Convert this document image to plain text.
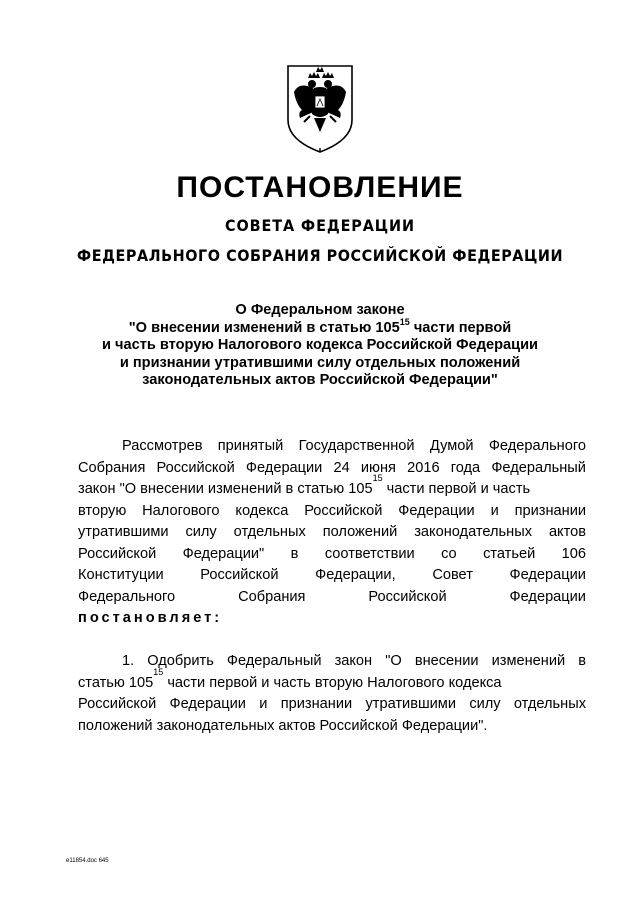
ПОСТАНОВЛЕНИЕ
СОВЕТА ФЕДЕРАЦИИ
ФЕДЕРАЛЬНОГО СОБРАНИЯ РОССИЙСКОЙ ФЕДЕРАЦИИ
О Федеральном законе
"О внесении изменений в статью $105^{15}$ части первой
и часть вторую Налогового кодекса Российской Федерации
и признании утратившими силу отдельных положений
законодательных актов Российской Федерации"
Рассмотрев принятый Государственной Думой Федерального
Собрания Российской Федерации 24 июня 2016 года Федеральный
закон "О внесении изменений в статью 105
$^{15}$
части первой и часть
вторую Налогового кодекса Российской Федерации и признании
утратившими силу отдельных положений законодательных актов
Российской Федерации" в соответствии со статьей 106
Конституции	Российской	Федерации,	Совет	Федерации
Федерального	Собрания	Российской	Федерации
постановляет:
1. Одобрить Федеральный закон "О внесении изменений в
статью 105
$^{15}$
части первой и часть вторую Налогового кодекса
Российской Федерации и признании утратившими силу отдельных
положений законодательных актов Российской Федерации".
e11854.doc 645
